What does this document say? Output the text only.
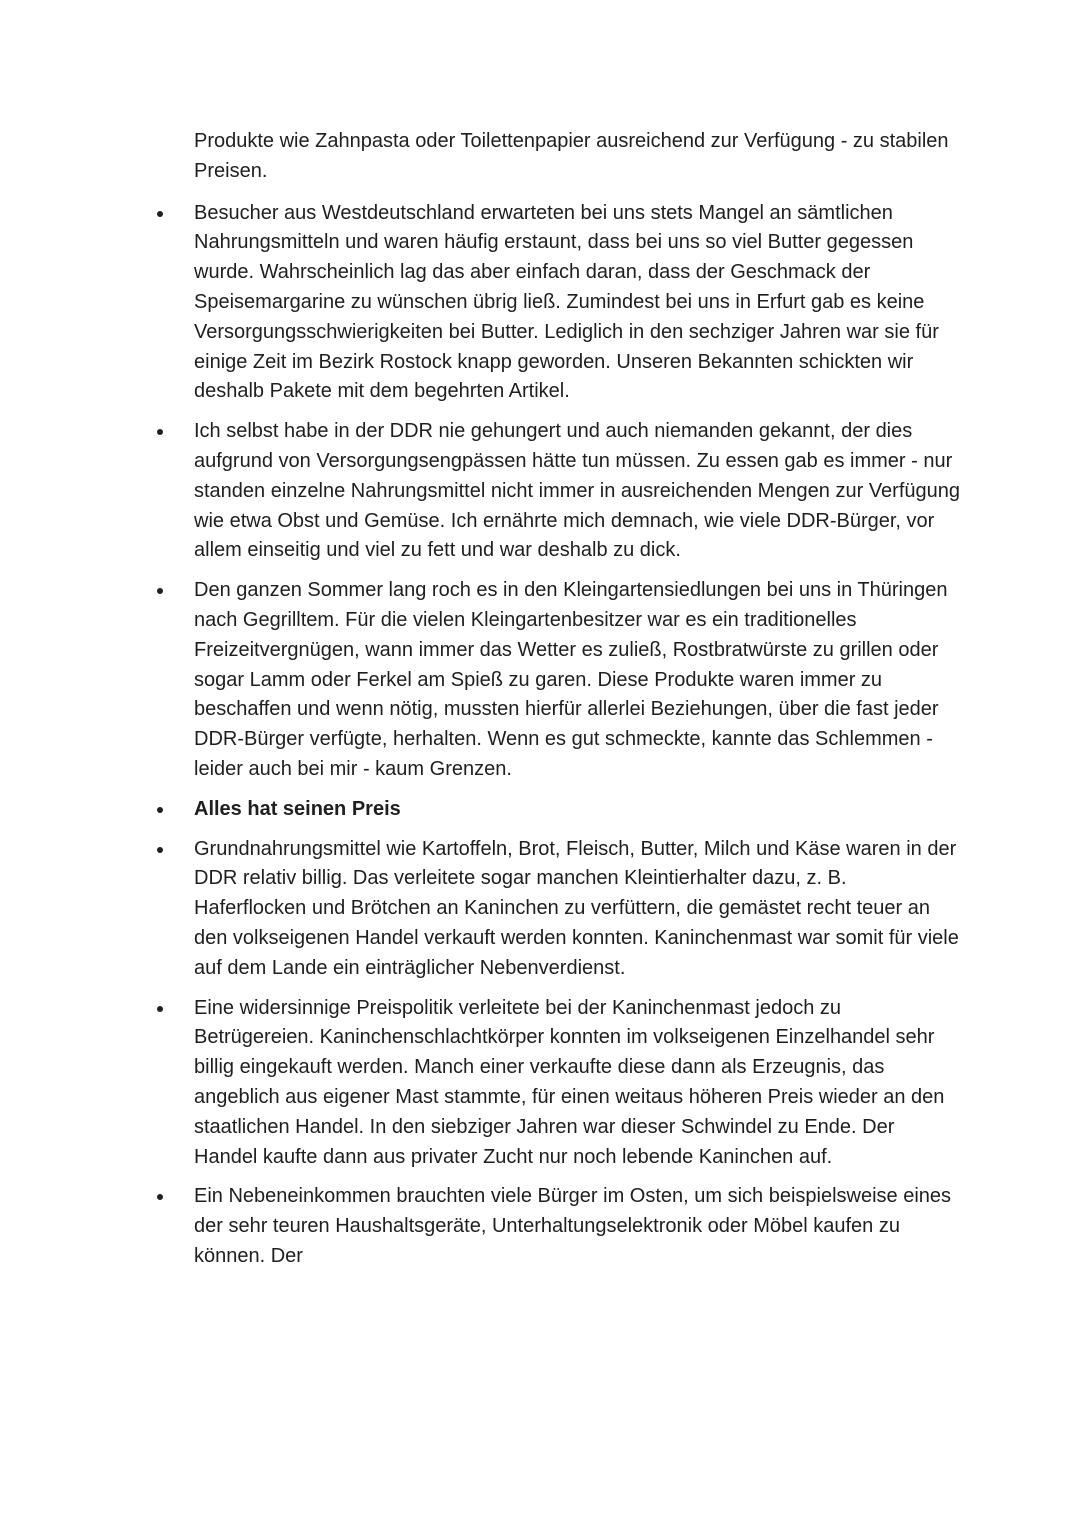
Produkte wie Zahnpasta oder Toilettenpapier ausreichend zur Verfügung - zu stabilen Preisen.

Besucher aus Westdeutschland erwarteten bei uns stets Mangel an sämtlichen Nahrungsmitteln und waren häufig erstaunt, dass bei uns so viel Butter gegessen wurde. Wahrscheinlich lag das aber einfach daran, dass der Geschmack der Speisemargarine zu wünschen übrig ließ. Zumindest bei uns in Erfurt gab es keine Versorgungsschwierigkeiten bei Butter. Lediglich in den sechziger Jahren war sie für einige Zeit im Bezirk Rostock knapp geworden. Unseren Bekannten schickten wir deshalb Pakete mit dem begehrten Artikel.
Ich selbst habe in der DDR nie gehungert und auch niemanden gekannt, der dies aufgrund von Versorgungsengpässen hätte tun müssen. Zu essen gab es immer - nur standen einzelne Nahrungsmittel nicht immer in ausreichenden Mengen zur Verfügung wie etwa Obst und Gemüse. Ich ernährte mich demnach, wie viele DDR-Bürger, vor allem einseitig und viel zu fett und war deshalb zu dick.
Den ganzen Sommer lang roch es in den Kleingartensiedlungen bei uns in Thüringen nach Gegrilltem. Für die vielen Kleingartenbesitzer war es ein traditionelles Freizeitvergnügen, wann immer das Wetter es zuließ, Rostbratwürste zu grillen oder sogar Lamm oder Ferkel am Spieß zu garen. Diese Produkte waren immer zu beschaffen und wenn nötig, mussten hierfür allerlei Beziehungen, über die fast jeder DDR-Bürger verfügte, herhalten. Wenn es gut schmeckte, kannte das Schlemmen - leider auch bei mir - kaum Grenzen.
Alles hat seinen Preis
Grundnahrungsmittel wie Kartoffeln, Brot, Fleisch, Butter, Milch und Käse waren in der DDR relativ billig. Das verleitete sogar manchen Kleintierhalter dazu, z. B. Haferflocken und Brötchen an Kaninchen zu verfüttern, die gemästet recht teuer an den volkseigenen Handel verkauft werden konnten. Kaninchenmast war somit für viele auf dem Lande ein einträglicher Nebenverdienst.
Eine widersinnige Preispolitik verleitete bei der Kaninchenmast jedoch zu Betrügereien. Kaninchenschlachtkörper konnten im volkseigenen Einzelhandel sehr billig eingekauft werden. Manch einer verkaufte diese dann als Erzeugnis, das angeblich aus eigener Mast stammte, für einen weitaus höheren Preis wieder an den staatlichen Handel. In den siebziger Jahren war dieser Schwindel zu Ende. Der Handel kaufte dann aus privater Zucht nur noch lebende Kaninchen auf.
Ein Nebeneinkommen brauchten viele Bürger im Osten, um sich beispielsweise eines der sehr teuren Haushaltsgeräte, Unterhaltungselektronik oder Möbel kaufen zu können. Der
